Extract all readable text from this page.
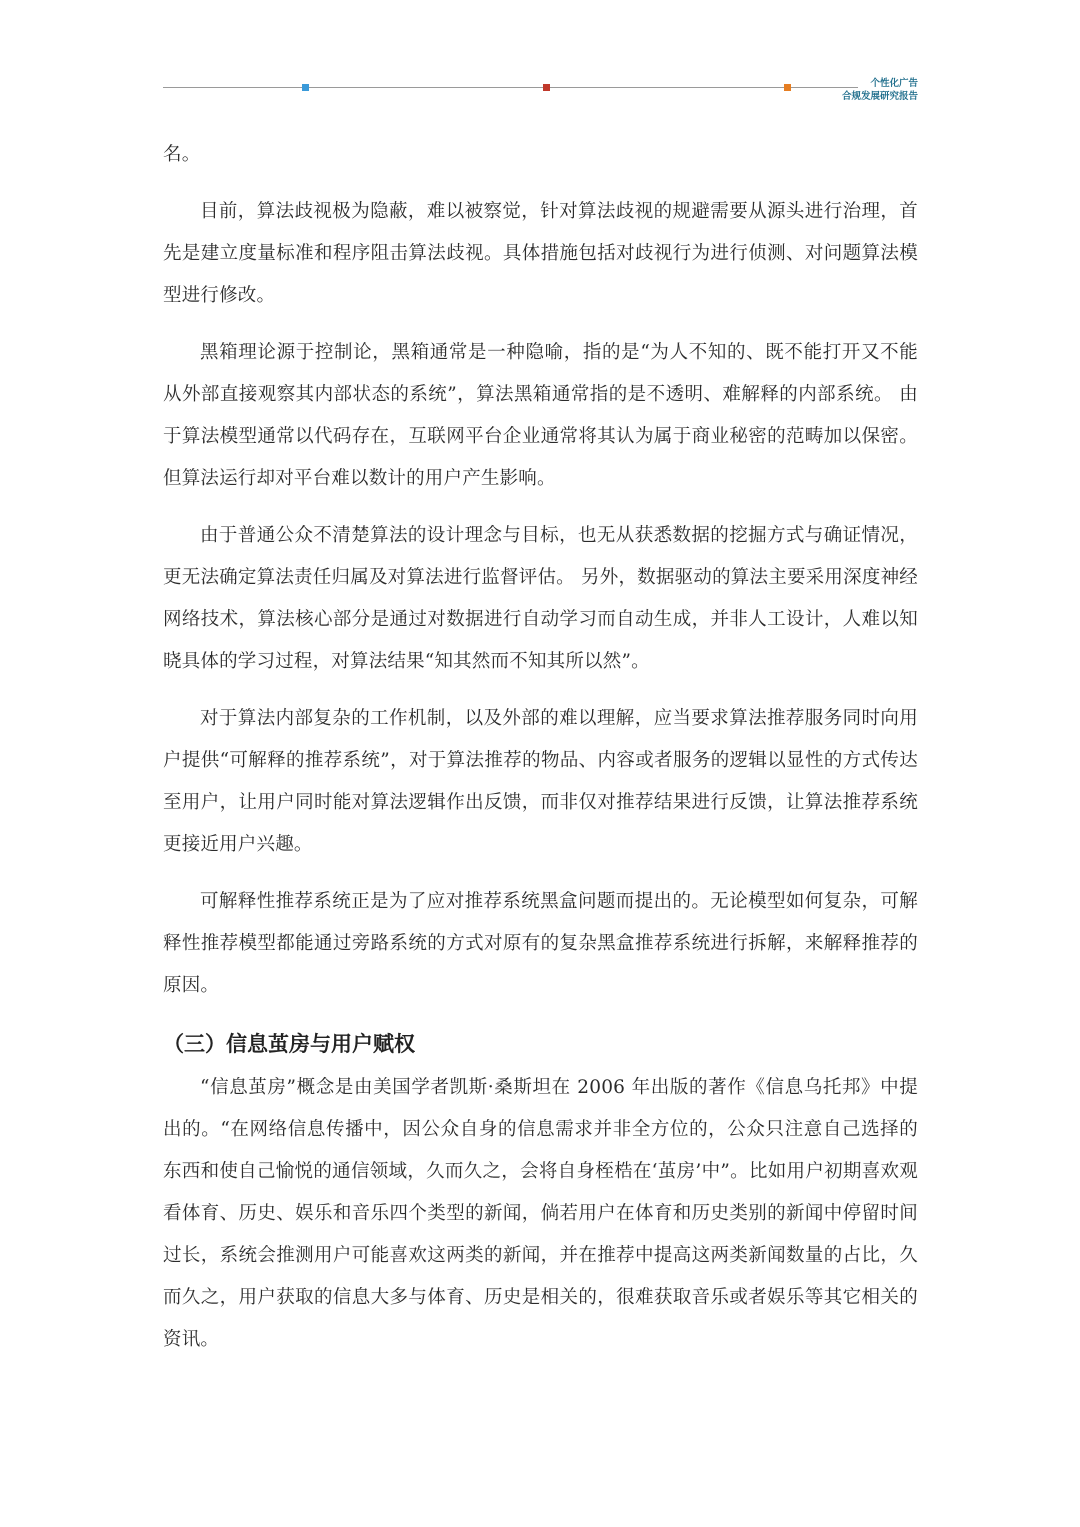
个性化广告
合规发展研究报告

名。

目前，算法歧视极为隐蔽，难以被察觉，针对算法歧视的规避需要从源头进行治理，首先是建立度量标准和程序阻击算法歧视。具体措施包括对歧视行为进行侦测、对问题算法模型进行修改。

黑箱理论源于控制论，黑箱通常是一种隐喻，指的是“为人不知的、既不能打开又不能从外部直接观察其内部状态的系统”，算法黑箱通常指的是不透明、难解释的内部系统。 由于算法模型通常以代码存在，互联网平台企业通常将其认为属于商业秘密的范畴加以保密。但算法运行却对平台难以数计的用户产生影响。

由于普通公众不清楚算法的设计理念与目标，也无从获悉数据的挖掘方式与确证情况，更无法确定算法责任归属及对算法进行监督评估。 另外，数据驱动的算法主要采用深度神经网络技术，算法核心部分是通过对数据进行自动学习而自动生成，并非人工设计，人难以知晓具体的学习过程，对算法结果“知其然而不知其所以然”。

对于算法内部复杂的工作机制，以及外部的难以理解，应当要求算法推荐服务同时向用户提供“可解释的推荐系统”，对于算法推荐的物品、内容或者服务的逻辑以显性的方式传达至用户，让用户同时能对算法逻辑作出反馈，而非仅对推荐结果进行反馈，让算法推荐系统更接近用户兴趣。

可解释性推荐系统正是为了应对推荐系统黑盒问题而提出的。无论模型如何复杂，可解释性推荐模型都能通过旁路系统的方式对原有的复杂黑盒推荐系统进行拆解，来解释推荐的原因。

（三）信息茧房与用户赋权

“信息茧房”概念是由美国学者凯斯·桑斯坦在 2006 年出版的著作《信息乌托邦》中提出的。“在网络信息传播中，因公众自身的信息需求并非全方位的，公众只注意自己选择的东西和使自己愉悦的通信领域，久而久之，会将自身桎梏在‘茧房’中”。比如用户初期喜欢观看体育、历史、娱乐和音乐四个类型的新闻，倘若用户在体育和历史类别的新闻中停留时间过长，系统会推测用户可能喜欢这两类的新闻，并在推荐中提高这两类新闻数量的占比，久而久之，用户获取的信息大多与体育、历史是相关的，很难获取音乐或者娱乐等其它相关的资讯。
